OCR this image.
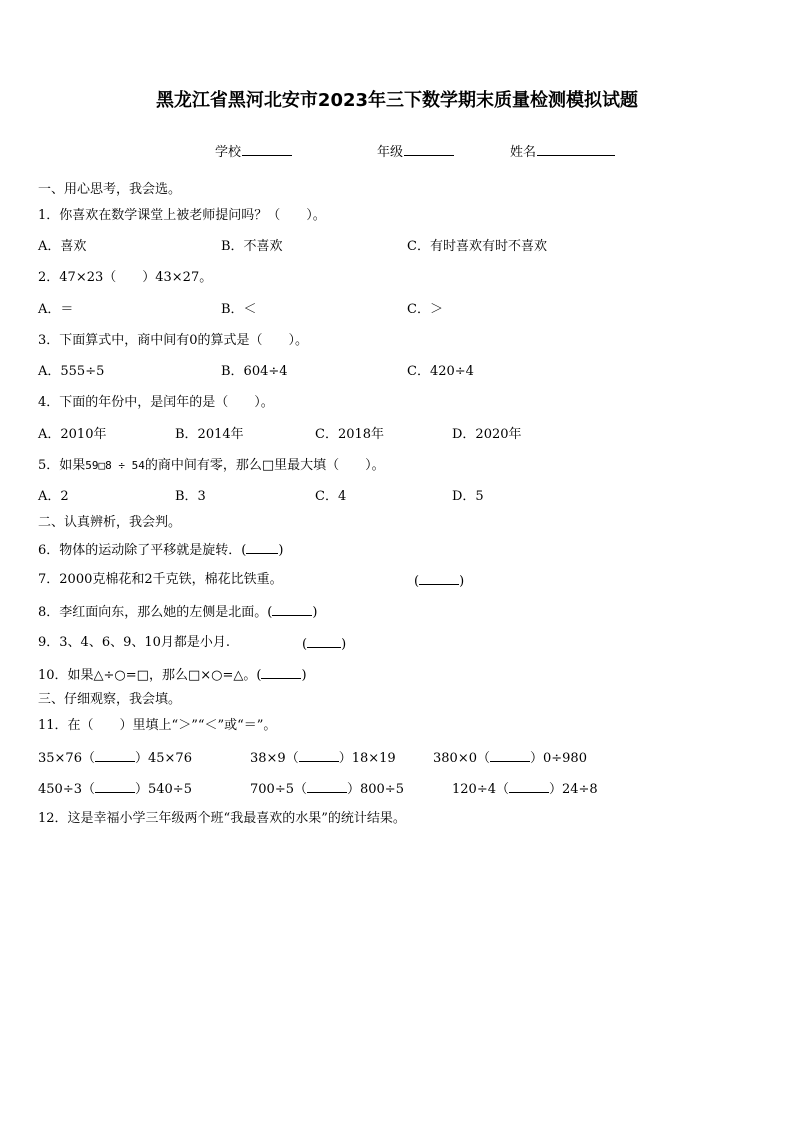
黑龙江省黑河北安市2023年三下数学期末质量检测模拟试题
学校	年级	姓名
一、用心思考，我会选。
1．你喜欢在数学课堂上被老师提问吗？（　　）。
A．喜欢	B．不喜欢	C．有时喜欢有时不喜欢
2．47×23（　　）43×27。
A．＝	B．＜	C．＞
3．下面算式中，商中间有0的算式是（　　）。
A．555÷5	B．604÷4	C．420÷4
4．下面的年份中，是闰年的是（　　）。
A．2010年	B．2014年	C．2018年	D．2020年
5．如果59□8 ÷ 54的商中间有零，那么□里最大填（　　）。
A．2	B．3	C．4	D．5
二、认真辨析，我会判。
6．物体的运动除了平移就是旋转．( )
7．2000克棉花和2千克铁，棉花比铁重。	(	)
8．李红面向东，那么她的左侧是北面。(	)
9．3、4、6、9、10月都是小月.	(	)
10．如果△÷○=□，那么□×○=△。(	)
三、仔细观察，我会填。
11．在（　　）里填上“＞”“＜”或“＝”。
35×76（	）45×76	38×9（	）18×19	380×0（	）0÷980
450÷3（	）540÷5	700÷5（	）800÷5	120÷4（	）24÷8
12．这是幸福小学三年级两个班“我最喜欢的水果”的统计结果。
